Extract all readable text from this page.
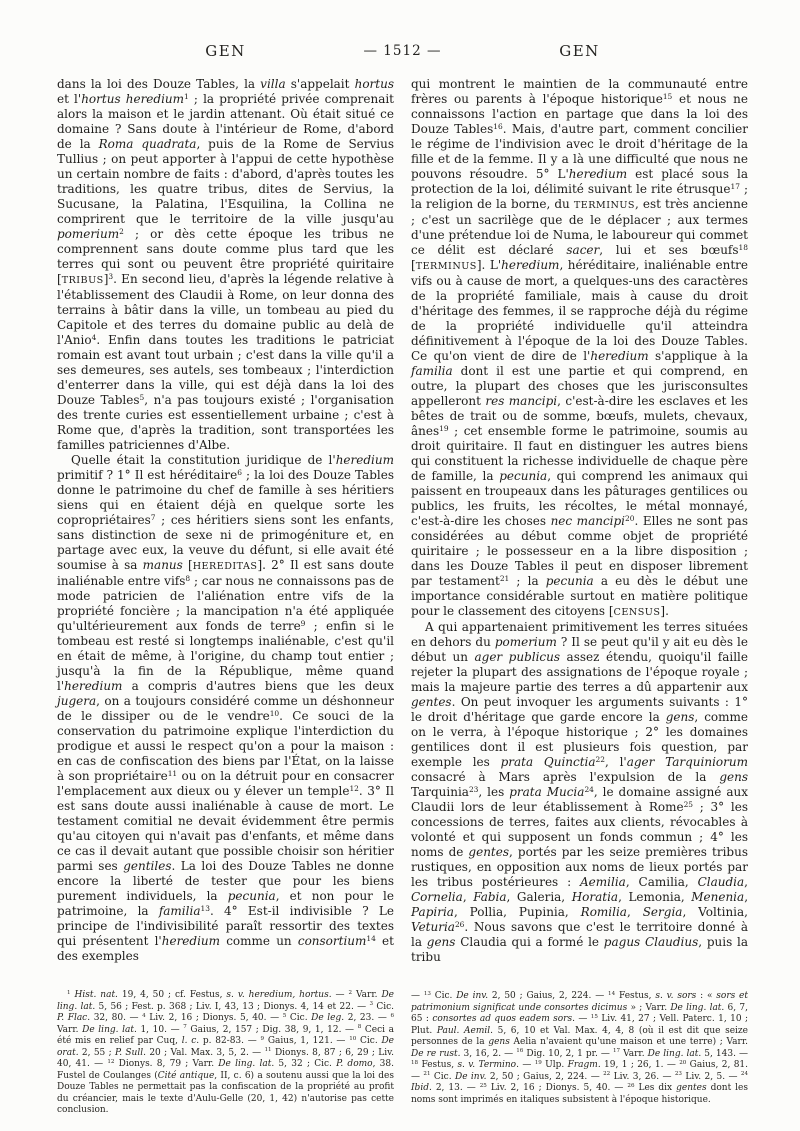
GEN	GEN
— 1512 —

dans la loi des Douze Tables, la villa s'appelait hortus et l'hortus heredium$^1$ ; la propriété privée comprenait alors la maison et le jardin attenant. Où était situé ce domaine ? Sans doute à l'intérieur de Rome, d'abord de la Roma quadrata, puis de la Rome de Servius Tullius ; on peut apporter à l'appui de cette hypothèse un certain nombre de faits : d'abord, d'après toutes les traditions, les quatre tribus, dites de Servius, la Sucusane, la Palatina, l'Esquilina, la Collina ne comprirent que le territoire de la ville jusqu'au pomerium$^2$ ; or dès cette époque les tribus ne comprennent sans doute comme plus tard que les terres qui sont ou peuvent être propriété quiritaire [TRIBUS]$^3$. En second lieu, d'après la légende relative à l'établissement des Claudii à Rome, on leur donna des terrains à bâtir dans la ville, un tombeau au pied du Capitole et des terres du domaine public au delà de l'Anio$^4$. Enfin dans toutes les traditions le patriciat romain est avant tout urbain ; c'est dans la ville qu'il a ses demeures, ses autels, ses tombeaux ; l'interdiction d'enterrer dans la ville, qui est déjà dans la loi des Douze Tables$^5$, n'a pas toujours existé ; l'organisation des trente curies est essentiellement urbaine ; c'est à Rome que, d'après la tradition, sont transportées les familles patriciennes d'Albe.

Quelle était la constitution juridique de l'heredium primitif ? 1° Il est héréditaire$^6$ ; la loi des Douze Tables donne le patrimoine du chef de famille à ses héritiers siens qui en étaient déjà en quelque sorte les copropriétaires$^7$ ; ces héritiers siens sont les enfants, sans distinction de sexe ni de primogéniture et, en partage avec eux, la veuve du défunt, si elle avait été soumise à sa manus [HEREDITAS]. 2° Il est sans doute inaliénable entre vifs$^8$ ; car nous ne connaissons pas de mode patricien de l'aliénation entre vifs de la propriété foncière ; la mancipation n'a été appliquée qu'ultérieurement aux fonds de terre$^9$ ; enfin si le tombeau est resté si longtemps inaliénable, c'est qu'il en était de même, à l'origine, du champ tout entier ; jusqu'à la fin de la République, même quand l'heredium a compris d'autres biens que les deux jugera, on a toujours considéré comme un déshonneur de le dissiper ou de le vendre$^{10}$. Ce souci de la conservation du patrimoine explique l'interdiction du prodigue et aussi le respect qu'on a pour la maison : en cas de confiscation des biens par l'État, on la laisse à son propriétaire$^{11}$ ou on la détruit pour en consacrer l'emplacement aux dieux ou y élever un temple$^{12}$. 3° Il est sans doute aussi inaliénable à cause de mort. Le testament comitial ne devait évidemment être permis qu'au citoyen qui n'avait pas d'enfants, et même dans ce cas il devait autant que possible choisir son héritier parmi ses gentiles. La loi des Douze Tables ne donne encore la liberté de tester que pour les biens purement individuels, la pecunia, et non pour le patrimoine, la familia$^{13}$. 4° Est-il indivisible ? Le principe de l'indivisibilité paraît ressortir des textes qui présentent l'heredium comme un consortium$^{14}$ et des exemples

$^1$ Hist. nat. 19, 4, 50 ; cf. Festus, s. v. heredium, hortus. — $^2$ Varr. De ling. lat. 5, 56 ; Fest. p. 368 ; Liv. I, 43, 13 ; Dionys. 4, 14 et 22. — $^3$ Cic. P. Flac. 32, 80. — $^4$ Liv. 2, 16 ; Dionys. 5, 40. — $^5$ Cic. De leg. 2, 23. — $^6$ Varr. De ling. lat. 1, 10. — $^7$ Gaius, 2, 157 ; Dig. 38, 9, 1, 12. — $^8$ Ceci a été mis en relief par Cuq, l. c. p. 82-83. — $^9$ Gaius, 1, 121. — $^{10}$ Cic. De orat. 2, 55 ; P. Sull. 20 ; Val. Max. 3, 5, 2. — $^{11}$ Dionys. 8, 87 ; 6, 29 ; Liv. 40, 41. — $^{12}$ Dionys. 8, 79 ; Varr. De ling. lat. 5, 32 ; Cic. P. domo, 38. Fustel de Coulanges (Cité antique, II, c. 6) a soutenu aussi que la loi des Douze Tables ne permettait pas la confiscation de la propriété au profit du créancier, mais le texte d'Aulu-Gelle (20, 1, 42) n'autorise pas cette conclusion.

qui montrent le maintien de la communauté entre frères ou parents à l'époque historique$^{15}$ et nous ne connaissons l'action en partage que dans la loi des Douze Tables$^{16}$. Mais, d'autre part, comment concilier le régime de l'indivision avec le droit d'héritage de la fille et de la femme. Il y a là une difficulté que nous ne pouvons résoudre. 5° L'heredium est placé sous la protection de la loi, délimité suivant le rite étrusque$^{17}$ ; la religion de la borne, du TERMINUS, est très ancienne ; c'est un sacrilège que de le déplacer ; aux termes d'une prétendue loi de Numa, le laboureur qui commet ce délit est déclaré sacer, lui et ses bœufs$^{18}$ [TERMINUS]. L'heredium, héréditaire, inaliénable entre vifs ou à cause de mort, a quelques-uns des caractères de la propriété familiale, mais à cause du droit d'héritage des femmes, il se rapproche déjà du régime de la propriété individuelle qu'il atteindra définitivement à l'époque de la loi des Douze Tables. Ce qu'on vient de dire de l'heredium s'applique à la familia dont il est une partie et qui comprend, en outre, la plupart des choses que les jurisconsultes appelleront res mancipi, c'est-à-dire les esclaves et les bêtes de trait ou de somme, bœufs, mulets, chevaux, ânes$^{19}$ ; cet ensemble forme le patrimoine, soumis au droit quiritaire. Il faut en distinguer les autres biens qui constituent la richesse individuelle de chaque père de famille, la pecunia, qui comprend les animaux qui paissent en troupeaux dans les pâturages gentilices ou publics, les fruits, les récoltes, le métal monnayé, c'est-à-dire les choses nec mancipi$^{20}$. Elles ne sont pas considérées au début comme objet de propriété quiritaire ; le possesseur en a la libre disposition ; dans les Douze Tables il peut en disposer librement par testament$^{21}$ ; la pecunia a eu dès le début une importance considérable surtout en matière politique pour le classement des citoyens [CENSUS].

A qui appartenaient primitivement les terres situées en dehors du pomerium ? Il se peut qu'il y ait eu dès le début un ager publicus assez étendu, quoiqu'il faille rejeter la plupart des assignations de l'époque royale ; mais la majeure partie des terres a dû appartenir aux gentes. On peut invoquer les arguments suivants : 1° le droit d'héritage que garde encore la gens, comme on le verra, à l'époque historique ; 2° les domaines gentilices dont il est plusieurs fois question, par exemple les prata Quinctia$^{22}$, l'ager Tarquiniorum consacré à Mars après l'expulsion de la gens Tarquinia$^{23}$, les prata Mucia$^{24}$, le domaine assigné aux Claudii lors de leur établissement à Rome$^{25}$ ; 3° les concessions de terres, faites aux clients, révocables à volonté et qui supposent un fonds commun ; 4° les noms de gentes, portés par les seize premières tribus rustiques, en opposition aux noms de lieux portés par les tribus postérieures : Aemilia, Camilia, Claudia, Cornelia, Fabia, Galeria, Horatia, Lemonia, Menenia, Papiria, Pollia, Pupinia, Romilia, Sergia, Voltinia, Veturia$^{26}$. Nous savons que c'est le territoire donné à la gens Claudia qui a formé le pagus Claudius, puis la tribu

— $^{13}$ Cic. De inv. 2, 50 ; Gaius, 2, 224. — $^{14}$ Festus, s. v. sors : « sors et patrimonium significat unde consortes dicimus » ; Varr. De ling. lat. 6, 7, 65 : consortes ad quos eadem sors. — $^{15}$ Liv. 41, 27 ; Vell. Paterc. 1, 10 ; Plut. Paul. Aemil. 5, 6, 10 et Val. Max. 4, 4, 8 (où il est dit que seize personnes de la gens Aelia n'avaient qu'une maison et une terre) ; Varr. De re rust. 3, 16, 2. — $^{16}$ Dig. 10, 2, 1 pr. — $^{17}$ Varr. De ling. lat. 5, 143. — $^{18}$ Festus, s. v. Termino. — $^{19}$ Ulp. Fragm. 19, 1 ; 26, 1. — $^{20}$ Gaius, 2, 81. — $^{21}$ Cic. De inv. 2, 50 ; Gaius, 2, 224. — $^{22}$ Liv. 3, 26. — $^{23}$ Liv. 2, 5. — $^{24}$ Ibid. 2, 13. — $^{25}$ Liv. 2, 16 ; Dionys. 5, 40. — $^{26}$ Les dix gentes dont les noms sont imprimés en italiques subsistent à l'époque historique.
